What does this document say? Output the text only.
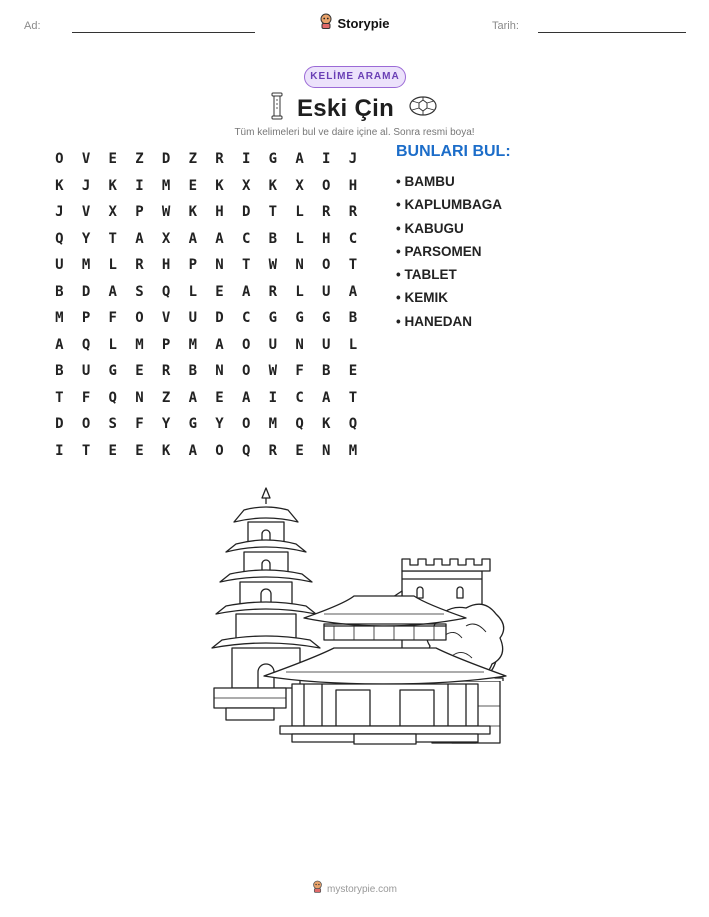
Ad:	Tarih:
Storypie
KELİME ARAMA
Eski Çin
Tüm kelimeleri bul ve daire içine al. Sonra resmi boya!
O	V	E	Z	D	Z	R	I	G	A	I	J
K	J	K	I	M	E	K	X	K	X	O	H
J	V	X	P	W	K	H	D	T	L	R	R
Q	Y	T	A	X	A	A	C	B	L	H	C
U	M	L	R	H	P	N	T	W	N	O	T
B	D	A	S	Q	L	E	A	R	L	U	A
M	P	F	O	V	U	D	C	G	G	G	B
A	Q	L	M	P	M	A	O	U	N	U	L
B	U	G	E	R	B	N	O	W	F	B	E
T	F	Q	N	Z	A	E	A	I	C	A	T
D	O	S	F	Y	G	Y	O	M	Q	K	Q
I	T	E	E	K	A	O	Q	R	E	N	M
BUNLARI BUL:
• BAMBU
• KAPLUMBAGA
• KABUGU
• PARSOMEN
• TABLET
• KEMIK
• HANEDAN
mystorypie.com
